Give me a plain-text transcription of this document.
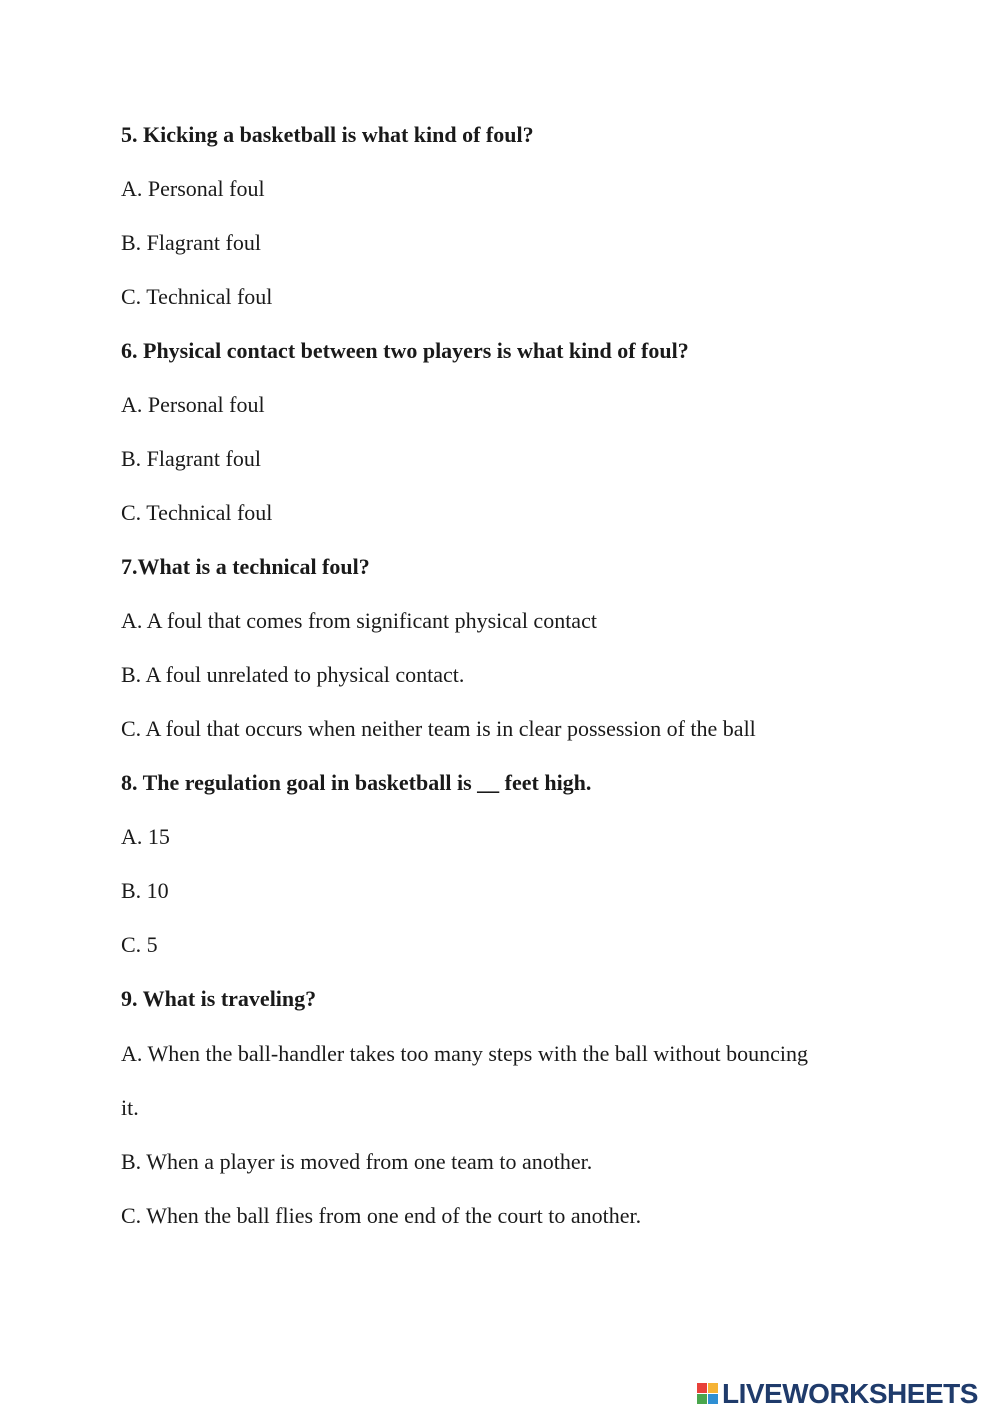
5. Kicking a basketball is what kind of foul?
A. Personal foul
B. Flagrant foul
C. Technical foul
6. Physical contact between two players is what kind of foul?
A. Personal foul
B. Flagrant foul
C. Technical foul
7.What is a technical foul?
A. A foul that comes from significant physical contact
B. A foul unrelated to physical contact.
C. A foul that occurs when neither team is in clear possession of the ball
8. The regulation goal in basketball is __ feet high.
A. 15
B. 10
C. 5
9. What is traveling?
A. When the ball-handler takes too many steps with the ball without bouncing
it.
B. When a player is moved from one team to another.
C. When the ball flies from one end of the court to another.
LIVEWORKSHEETS
